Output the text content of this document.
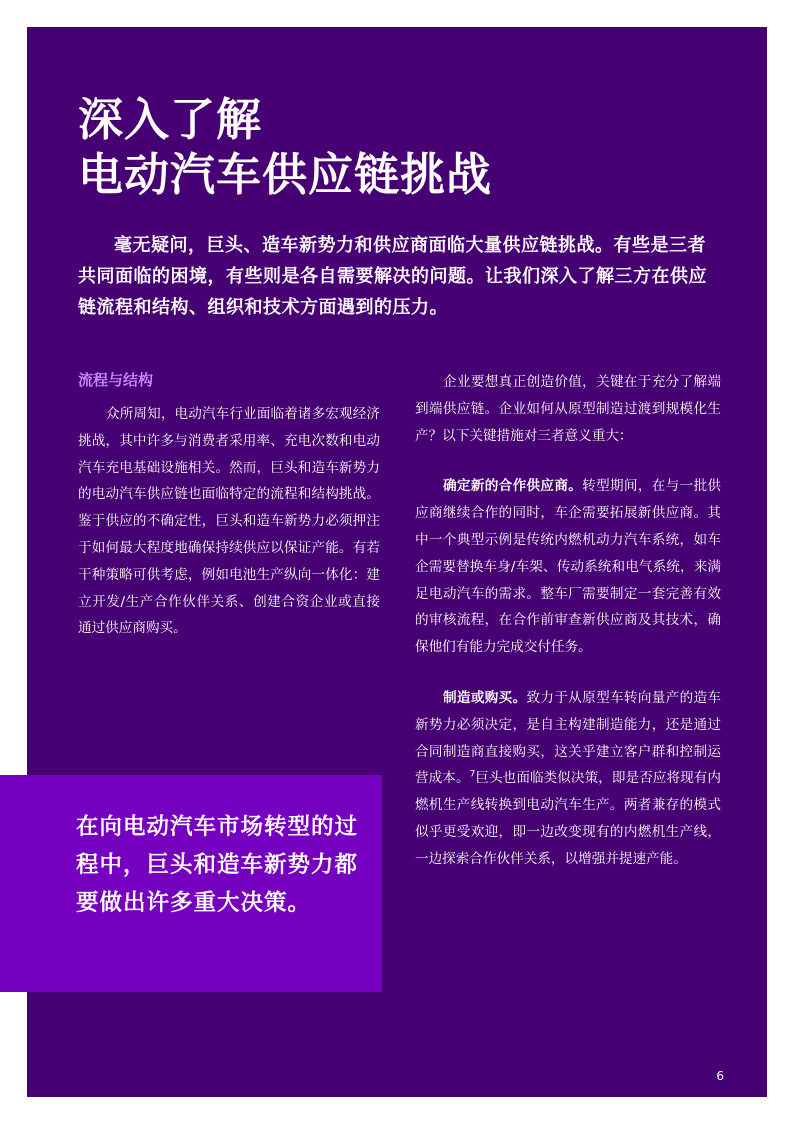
深入了解
电动汽车供应链挑战

毫无疑问，巨头、造车新势力和供应商面临大量供应链挑战。有些是三者共同面临的困境，有些则是各自需要解决的问题。让我们深入了解三方在供应链流程和结构、组织和技术方面遇到的压力。

流程与结构

众所周知，电动汽车行业面临着诸多宏观经济挑战，其中许多与消费者采用率、充电次数和电动汽车充电基础设施相关。然而，巨头和造车新势力的电动汽车供应链也面临特定的流程和结构挑战。鉴于供应的不确定性，巨头和造车新势力必须押注于如何最大程度地确保持续供应以保证产能。有若干种策略可供考虑，例如电池生产纵向一体化：建立开发/生产合作伙伴关系、创建合资企业或直接通过供应商购买。

企业要想真正创造价值，关键在于充分了解端到端供应链。企业如何从原型制造过渡到规模化生产？以下关键措施对三者意义重大：

确定新的合作供应商。转型期间，在与一批供应商继续合作的同时，车企需要拓展新供应商。其中一个典型示例是传统内燃机动力汽车系统，如车企需要替换车身/车架、传动系统和电气系统，来满足电动汽车的需求。整车厂需要制定一套完善有效的审核流程，在合作前审查新供应商及其技术，确保他们有能力完成交付任务。

制造或购买。致力于从原型车转向量产的造车新势力必须决定，是自主构建制造能力，还是通过合同制造商直接购买，这关乎建立客户群和控制运营成本。$^7$巨头也面临类似决策，即是否应将现有内燃机生产线转换到电动汽车生产。两者兼存的模式似乎更受欢迎，即一边改变现有的内燃机生产线，一边探索合作伙伴关系，以增强并提速产能。

在向电动汽车市场转型的过程中，巨头和造车新势力都要做出许多重大决策。

6
